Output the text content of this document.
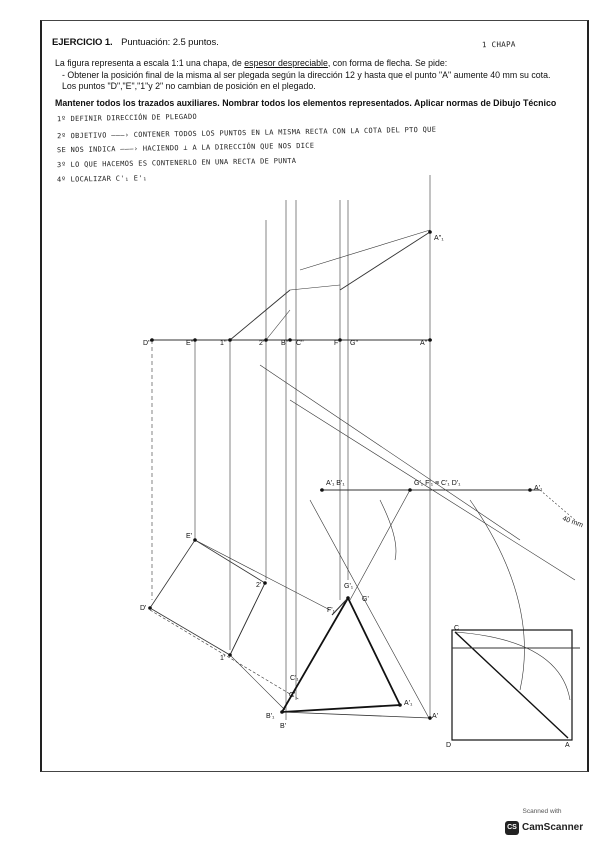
EJERCICIO 1. Puntuación: 2.5 puntos.	1 CHAPA
La figura representa a escala 1:1 una chapa, de espesor despreciable, con forma de flecha. Se pide:
- Obtener la posición final de la misma al ser plegada según la dirección 12 y hasta que el punto "A" aumente 40 mm su cota. Los puntos "D","E","1"y 2" no cambian de posición en el plegado.
Mantener todos los trazados auxiliares. Nombrar todos los elementos representados. Aplicar normas de Dibujo Técnico
1º DEFINIR DIRECCIÓN DE PLEGADO
2º OBJETIVO ———› CONTENER TODOS LOS PUNTOS EN LA MISMA RECTA CON LA COTA DEL PTO QUE
SE NOS INDICA ———› HACIENDO ⊥ A LA DIRECCIÓN QUE NOS DICE
3º LO QUE HACEMOS ES CONTENERLO EN UNA RECTA DE PUNTA
4º LOCALIZAR C'₁ E'₁
A''₁
D''	E''	1''	2'' B'' C''	F'' G''	A''
A'₁ B'₁	G'₁ F'₁ ≡ C'₁ D'₁
A'₁
40 mm
E'
2'
D'
1'
C'₁
C'
B'₁
B'
A'₁
A'
G'₁
F'₁
G'
C
A
D
Scanned with
CS CamScanner
